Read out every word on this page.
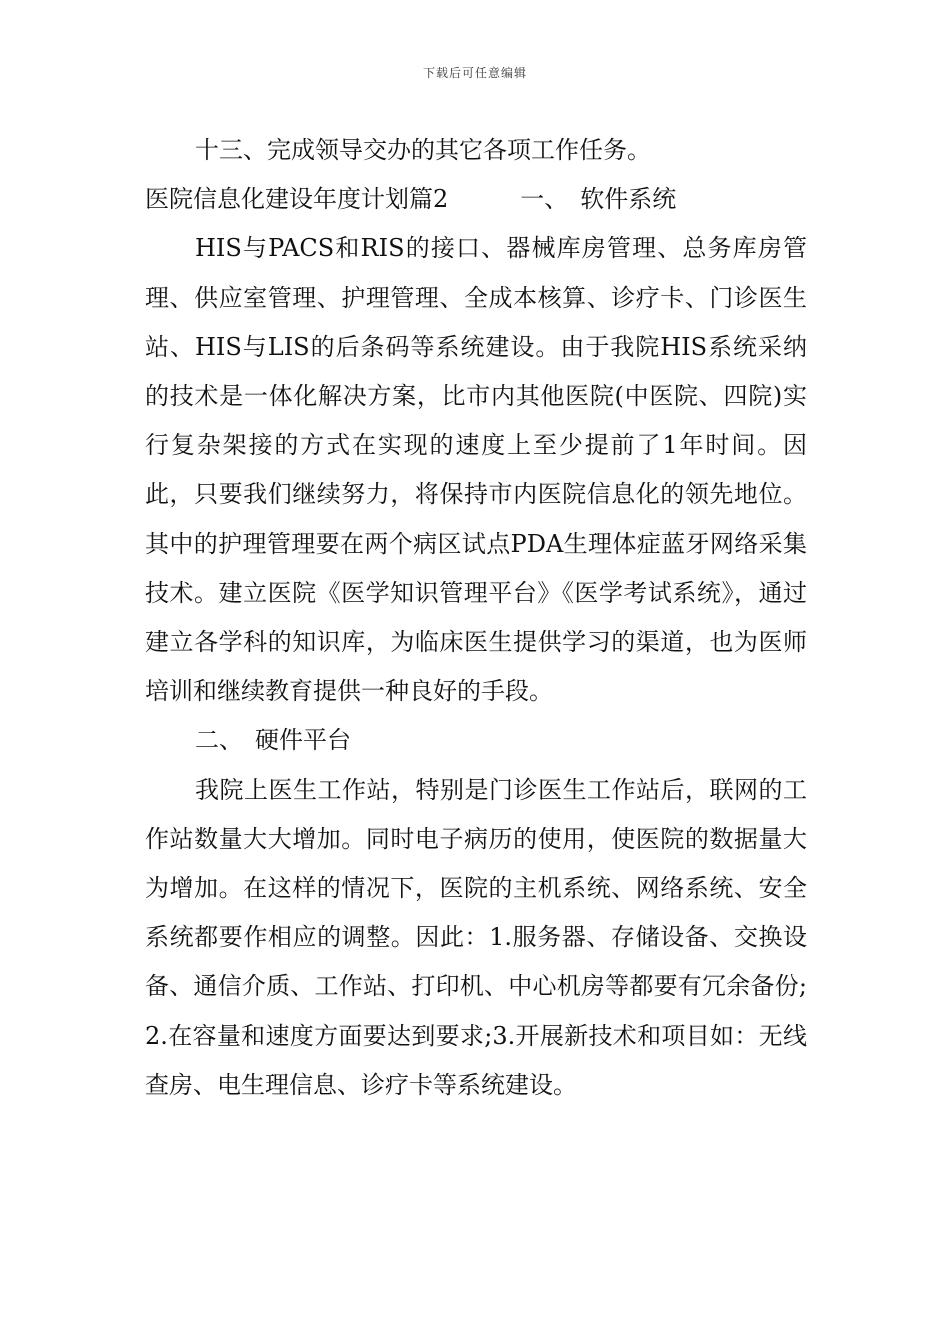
下载后可任意编辑

十三、完成领导交办的其它各项工作任务。

医院信息化建设年度计划篇2　　　一、　软件系统

HIS与PACS和RIS的接口、器械库房管理、总务库房管理、供应室管理、护理管理、全成本核算、诊疗卡、门诊医生站、HIS与LIS的后条码等系统建设。由于我院HIS系统采纳的技术是一体化解决方案，比市内其他医院(中医院、四院)实行复杂架接的方式在实现的速度上至少提前了1年时间。因此，只要我们继续努力，将保持市内医院信息化的领先地位。其中的护理管理要在两个病区试点PDA生理体症蓝牙网络采集技术。建立医院《医学知识管理平台》《医学考试系统》，通过建立各学科的知识库，为临床医生提供学习的渠道，也为医师培训和继续教育提供一种良好的手段。

二、　硬件平台

我院上医生工作站，特别是门诊医生工作站后，联网的工作站数量大大增加。同时电子病历的使用，使医院的数据量大为增加。在这样的情况下，医院的主机系统、网络系统、安全系统都要作相应的调整。因此：1.服务器、存储设备、交换设备、通信介质、工作站、打印机、中心机房等都要有冗余备份;2.在容量和速度方面要达到要求;3.开展新技术和项目如：无线查房、电生理信息、诊疗卡等系统建设。
